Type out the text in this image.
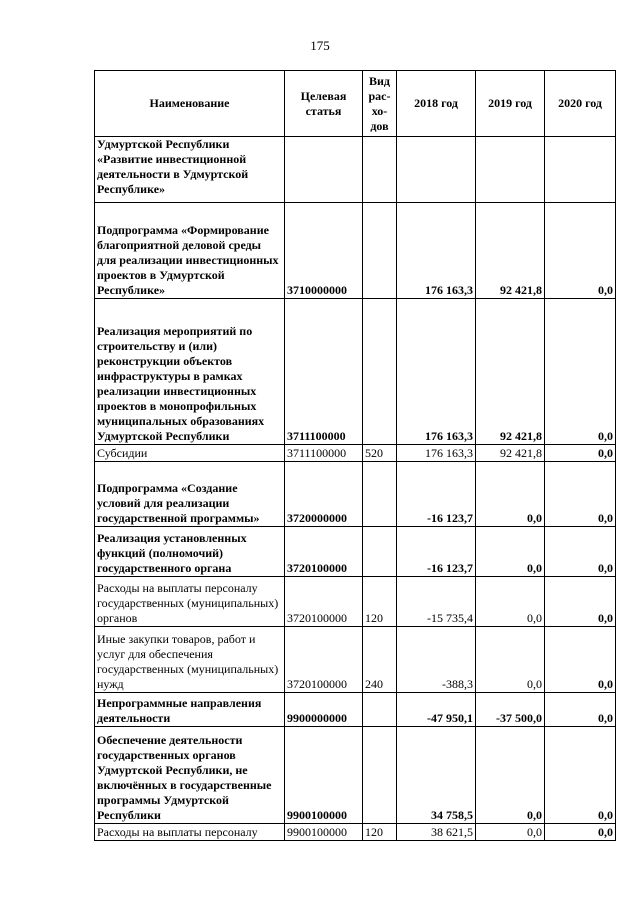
175
Наименование	Целевая статья	Вид рас- хо- дов	2018 год	2019 год	2020 год
Удмуртской Республики «Развитие инвестиционной деятельности в Удмуртской Республике»					
Подпрограмма «Формирование благоприятной деловой среды для реализации инвестиционных проектов в Удмуртской Республике»	3710000000		176 163,3	92 421,8	0,0
Реализация мероприятий по строительству и (или) реконструкции объектов инфраструктуры в рамках реализации инвестиционных проектов в монопрофильных муниципальных образованиях Удмуртской Республики	3711100000		176 163,3	92 421,8	0,0
Субсидии	3711100000	520	176 163,3	92 421,8	0,0
Подпрограмма «Создание условий для реализации государственной программы»	3720000000		-16 123,7	0,0	0,0
Реализация установленных функций (полномочий) государственного органа	3720100000		-16 123,7	0,0	0,0
Расходы на выплаты персоналу государственных (муниципальных) органов	3720100000	120	-15 735,4	0,0	0,0
Иные закупки товаров, работ и услуг для обеспечения государственных (муниципальных) нужд	3720100000	240	-388,3	0,0	0,0
Непрограммные направления деятельности	9900000000		-47 950,1	-37 500,0	0,0
Обеспечение деятельности государственных органов Удмуртской Республики, не включённых в государственные программы Удмуртской Республики	9900100000		34 758,5	0,0	0,0
Расходы на выплаты персоналу	9900100000	120	38 621,5	0,0	0,0
